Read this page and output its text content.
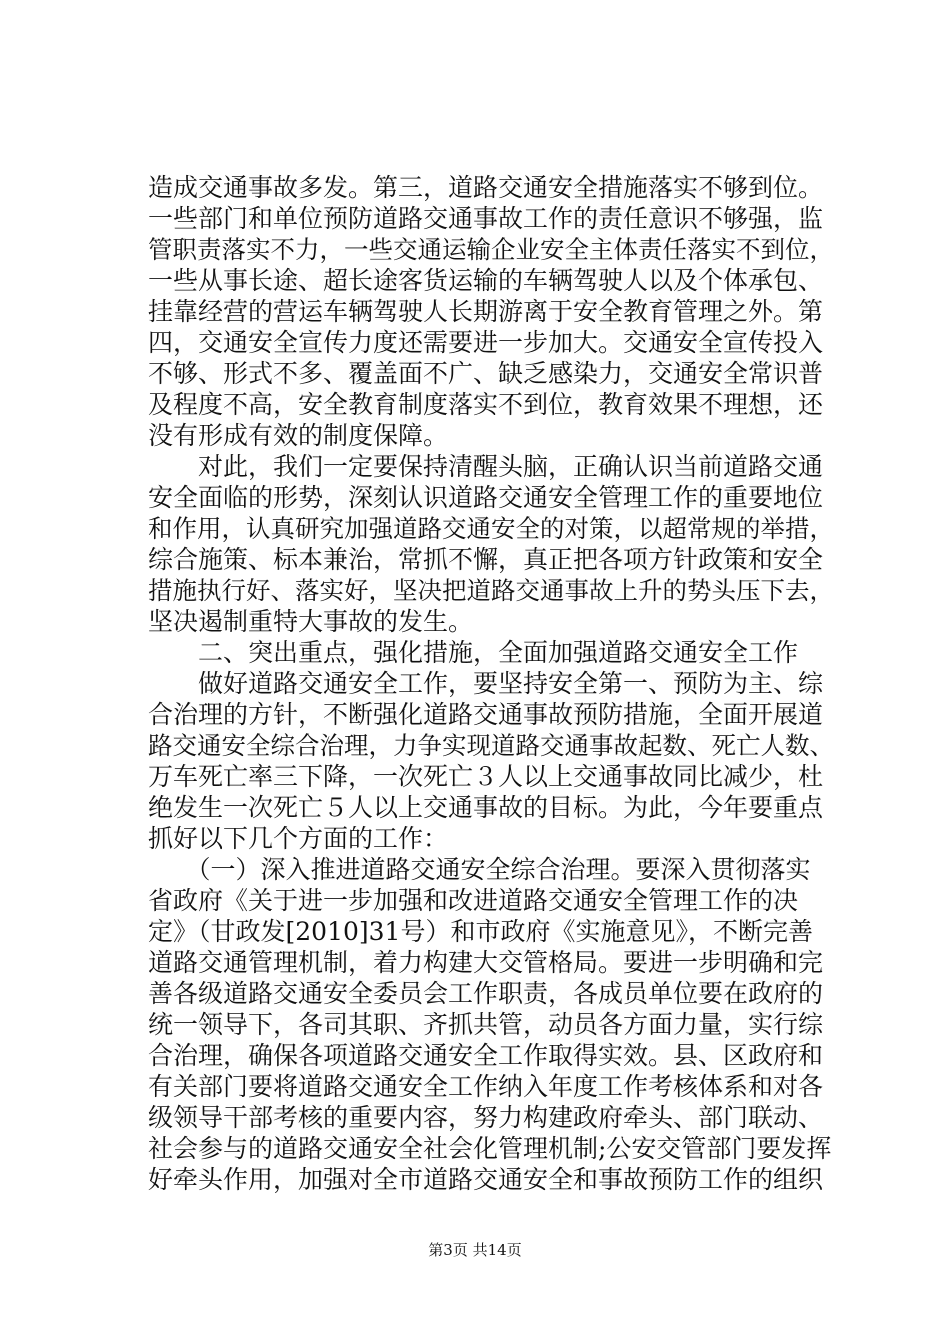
造成交通事故多发。第三，道路交通安全措施落实不够到位。
一些部门和单位预防道路交通事故工作的责任意识不够强，监
管职责落实不力，一些交通运输企业安全主体责任落实不到位，
一些从事长途、超长途客货运输的车辆驾驶人以及个体承包、
挂靠经营的营运车辆驾驶人长期游离于安全教育管理之外。第
四，交通安全宣传力度还需要进一步加大。交通安全宣传投入
不够、形式不多、覆盖面不广、缺乏感染力，交通安全常识普
及程度不高，安全教育制度落实不到位，教育效果不理想，还
没有形成有效的制度保障。
　　对此，我们一定要保持清醒头脑，正确认识当前道路交通
安全面临的形势，深刻认识道路交通安全管理工作的重要地位
和作用，认真研究加强道路交通安全的对策，以超常规的举措，
综合施策、标本兼治，常抓不懈，真正把各项方针政策和安全
措施执行好、落实好，坚决把道路交通事故上升的势头压下去，
坚决遏制重特大事故的发生。
　　二、突出重点，强化措施，全面加强道路交通安全工作
　　做好道路交通安全工作，要坚持安全第一、预防为主、综
合治理的方针，不断强化道路交通事故预防措施，全面开展道
路交通安全综合治理，力争实现道路交通事故起数、死亡人数、
万车死亡率三下降，一次死亡３人以上交通事故同比减少，杜
绝发生一次死亡５人以上交通事故的目标。为此，今年要重点
抓好以下几个方面的工作：
　　（一）深入推进道路交通安全综合治理。要深入贯彻落实
省政府《关于进一步加强和改进道路交通安全管理工作的决
定》（甘政发[2010]31号）和市政府《实施意见》，不断完善
道路交通管理机制，着力构建大交管格局。要进一步明确和完
善各级道路交通安全委员会工作职责，各成员单位要在政府的
统一领导下，各司其职、齐抓共管，动员各方面力量，实行综
合治理，确保各项道路交通安全工作取得实效。县、区政府和
有关部门要将道路交通安全工作纳入年度工作考核体系和对各
级领导干部考核的重要内容，努力构建政府牵头、部门联动、
社会参与的道路交通安全社会化管理机制;公安交管部门要发挥
好牵头作用，加强对全市道路交通安全和事故预防工作的组织
第3页 共14页
